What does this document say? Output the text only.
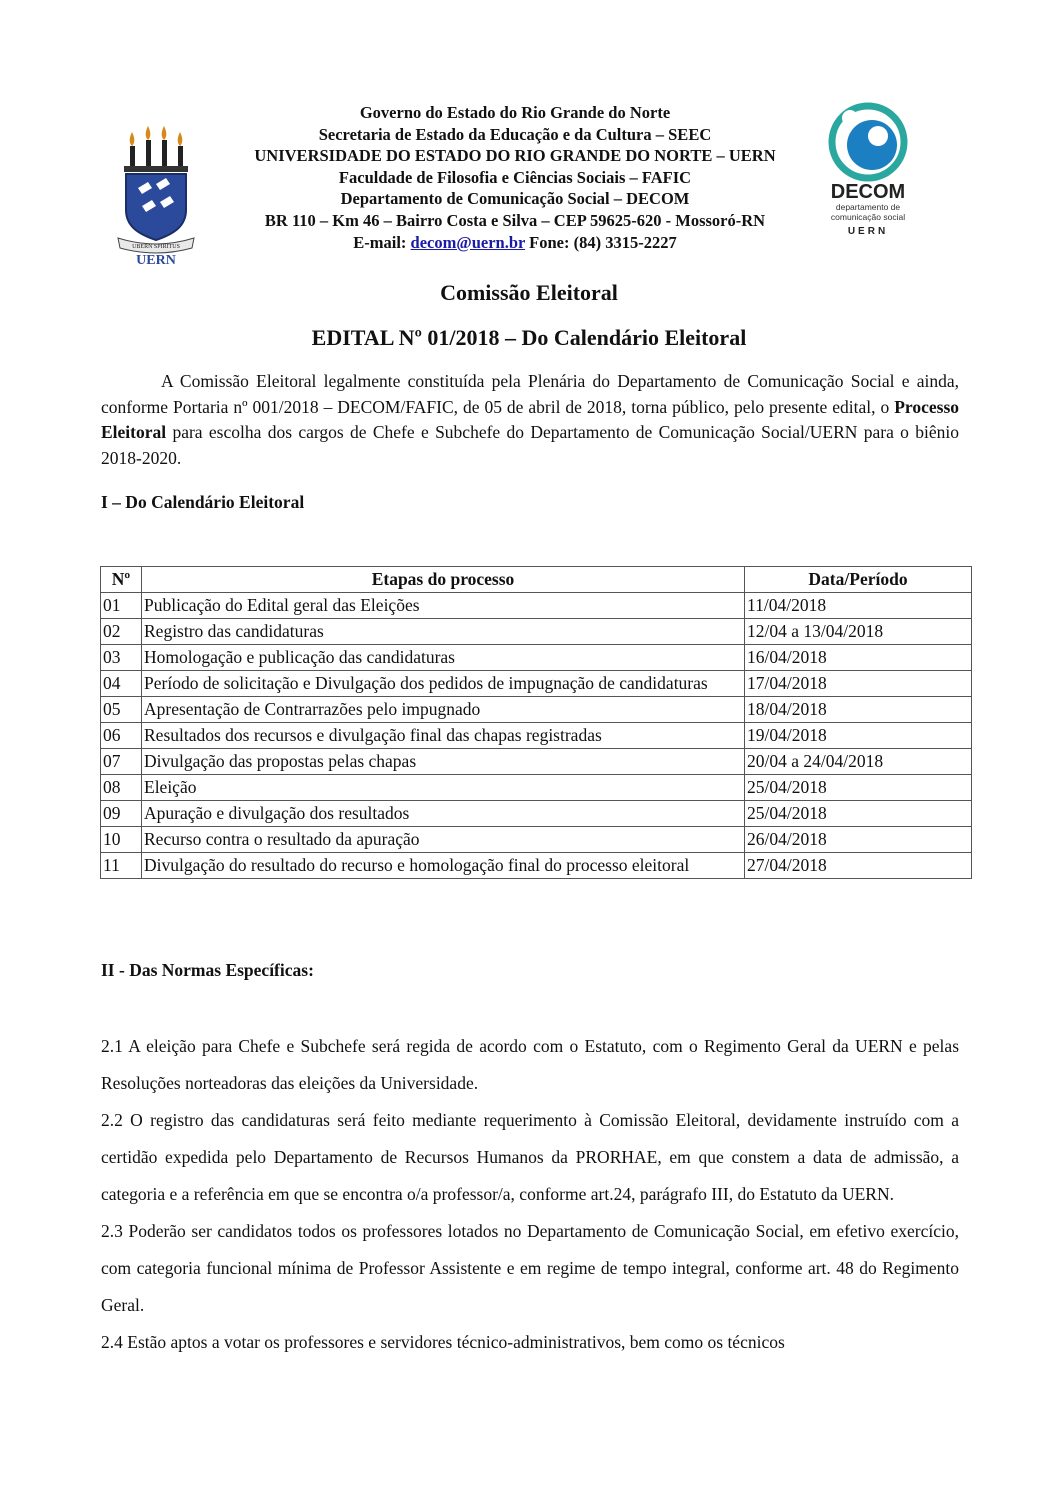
UBERN SPIRITUS
UERN
Governo do Estado do Rio Grande do Norte
Secretaria de Estado da Educação e da Cultura – SEEC
UNIVERSIDADE DO ESTADO DO RIO GRANDE DO NORTE – UERN
Faculdade de Filosofia e Ciências Sociais – FAFIC
Departamento de Comunicação Social – DECOM
BR 110 – Km 46 – Bairro Costa e Silva – CEP 59625-620 - Mossoró-RN
E-mail: decom@uern.br Fone: (84) 3315-2227
DECOM
departamento de
comunicação social
UERN
Comissão Eleitoral
EDITAL Nº 01/2018 – Do Calendário Eleitoral
A Comissão Eleitoral legalmente constituída pela Plenária do Departamento de Comunicação Social e ainda, conforme Portaria nº 001/2018 – DECOM/FAFIC, de 05 de abril de 2018, torna público, pelo presente edital, o Processo Eleitoral para escolha dos cargos de Chefe e Subchefe do Departamento de Comunicação Social/UERN para o biênio 2018-2020.
I – Do Calendário Eleitoral
Nº	Etapas do processo	Data/Período
01	Publicação do Edital geral das Eleições	11/04/2018
02	Registro das candidaturas	12/04 a 13/04/2018
03	Homologação e publicação das candidaturas	16/04/2018
04	Período de solicitação e Divulgação dos pedidos de impugnação de candidaturas	17/04/2018
05	Apresentação de Contrarrazões pelo impugnado	18/04/2018
06	Resultados dos recursos e divulgação final das chapas registradas	19/04/2018
07	Divulgação das propostas pelas chapas	20/04 a 24/04/2018
08	Eleição	25/04/2018
09	Apuração e divulgação dos resultados	25/04/2018
10	Recurso contra o resultado da apuração	26/04/2018
11	Divulgação do resultado do recurso e homologação final do processo eleitoral	27/04/2018
II - Das Normas Específicas:

2.1 A eleição para Chefe e Subchefe será regida de acordo com o Estatuto, com o Regimento Geral da UERN e pelas Resoluções norteadoras das eleições da Universidade.

2.2 O registro das candidaturas será feito mediante requerimento à Comissão Eleitoral, devidamente instruído com a certidão expedida pelo Departamento de Recursos Humanos da PRORHAE, em que constem a data de admissão, a categoria e a referência em que se encontra o/a professor/a, conforme art.24, parágrafo III, do Estatuto da UERN.

2.3 Poderão ser candidatos todos os professores lotados no Departamento de Comunicação Social, em efetivo exercício, com categoria funcional mínima de Professor Assistente e em regime de tempo integral, conforme art. 48 do Regimento Geral.

2.4 Estão aptos a votar os professores e servidores técnico-administrativos, bem como os técnicos
